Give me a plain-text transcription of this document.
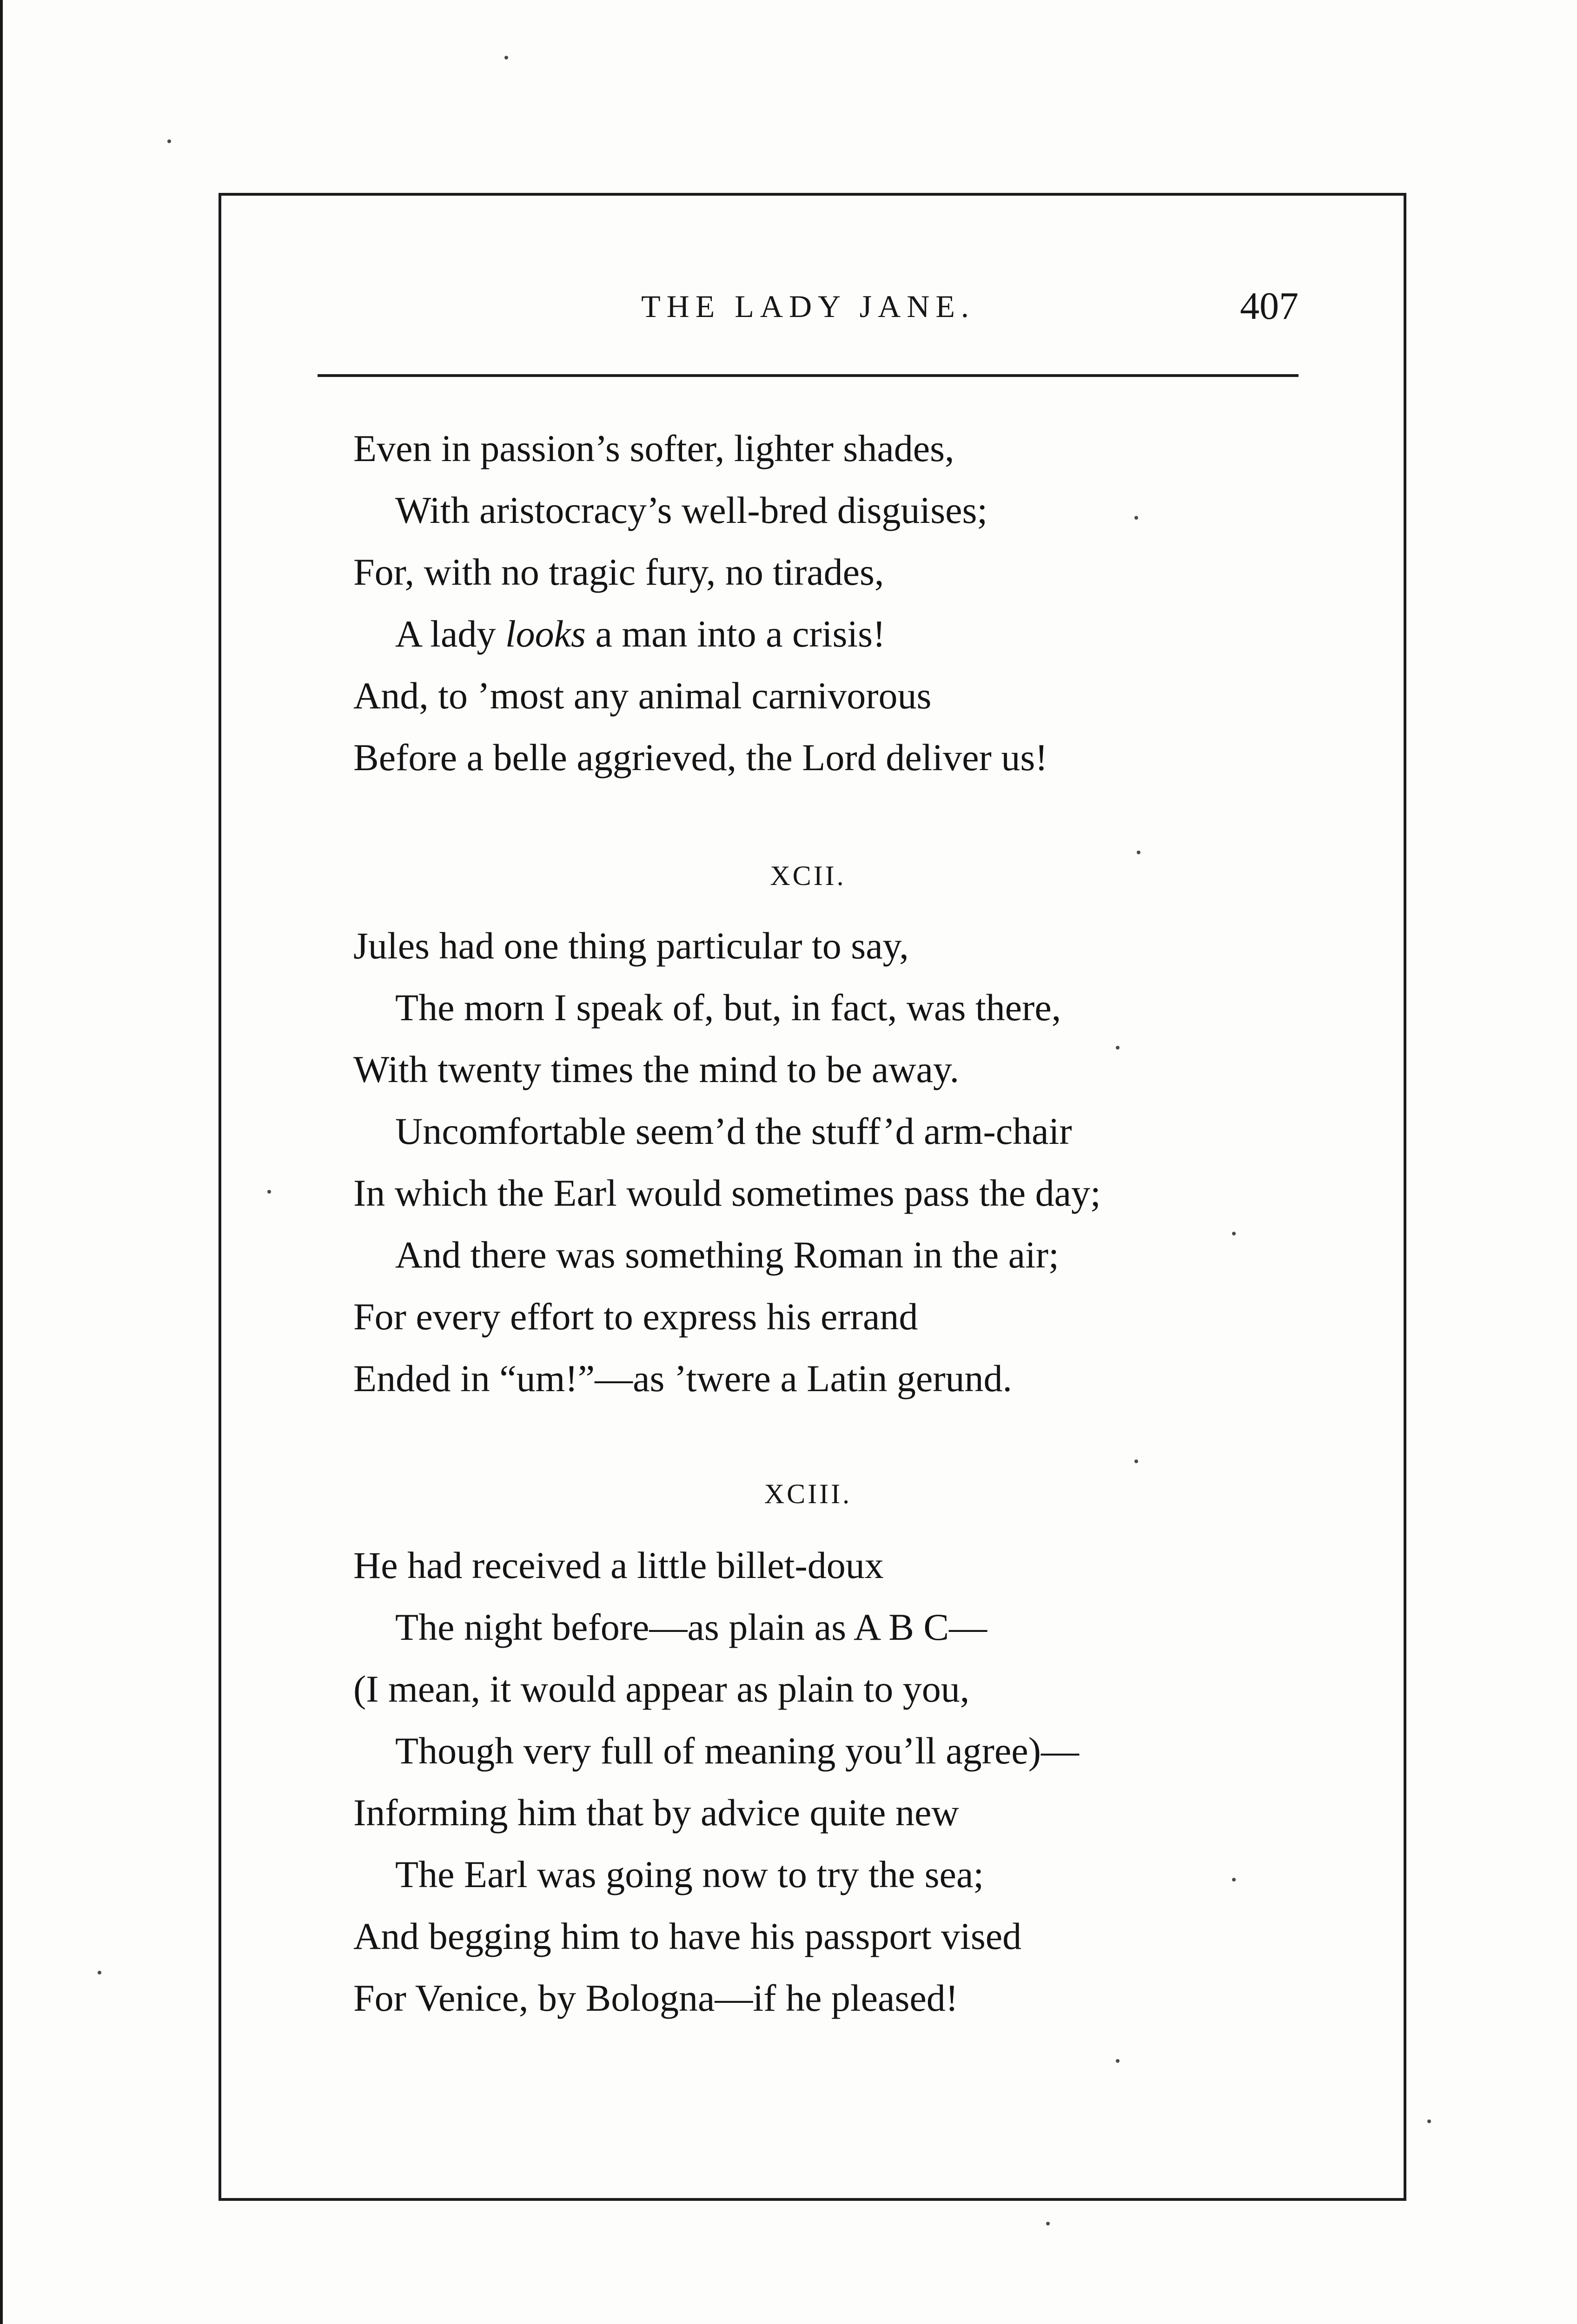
THE LADY JANE.	407
Even in passion’s softer, lighter shades,
With aristocracy’s well-bred disguises;
For, with no tragic fury, no tirades,
A lady looks a man into a crisis!
And, to ’most any animal carnivorous
Before a belle aggrieved, the Lord deliver us!
XCII.
Jules had one thing particular to say,
The morn I speak of, but, in fact, was there,
With twenty times the mind to be away.
Uncomfortable seem’d the stuff’d arm-chair
In which the Earl would sometimes pass the day;
And there was something Roman in the air;
For every effort to express his errand
Ended in “um!”—as ’twere a Latin gerund.
XCIII.
He had received a little billet-doux
The night before—as plain as A B C—
(I mean, it would appear as plain to you,
Though very full of meaning you’ll agree)—
Informing him that by advice quite new
The Earl was going now to try the sea;
And begging him to have his passport vised
For Venice, by Bologna—if he pleased!
